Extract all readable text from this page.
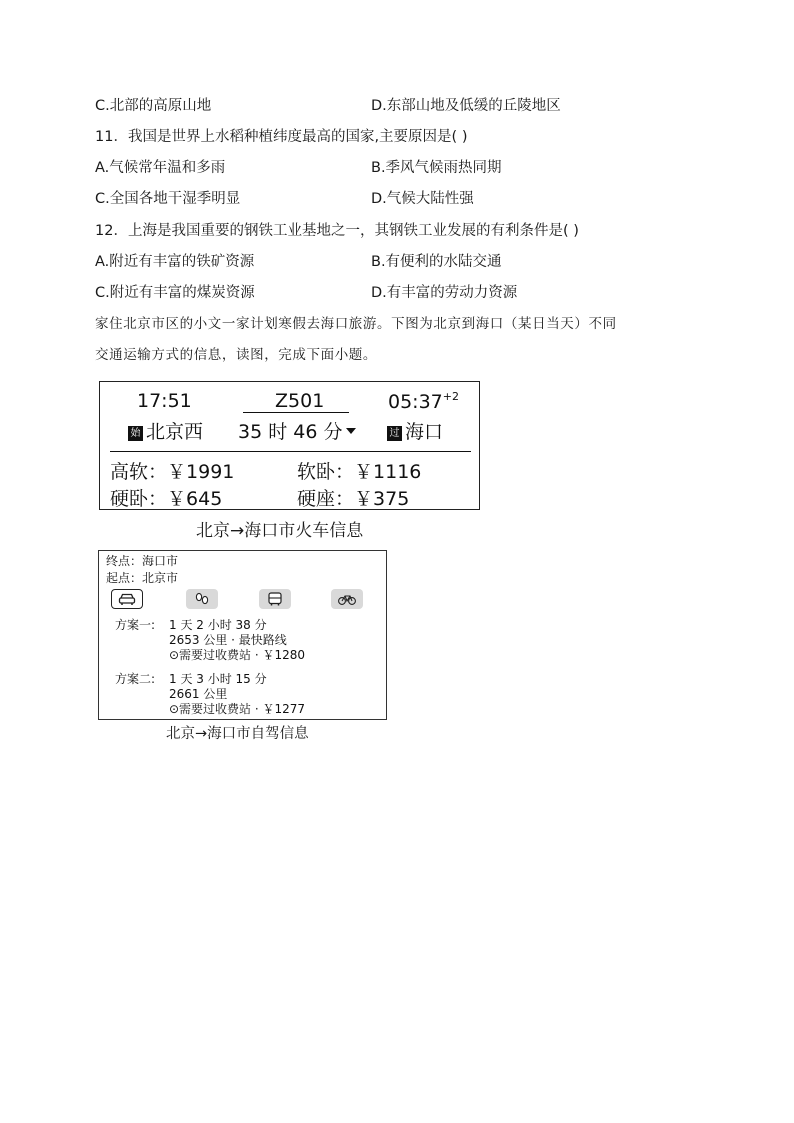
C.北部的高原山地	D.东部山地及低缓的丘陵地区
11．我国是世界上水稻种植纬度最高的国家,主要原因是( )
A.气候常年温和多雨	B.季风气候雨热同期
C.全国各地干湿季明显	D.气候大陆性强
12．上海是我国重要的钢铁工业基地之一，其钢铁工业发展的有利条件是( )
A.附近有丰富的铁矿资源	B.有便利的水陆交通
C.附近有丰富的煤炭资源	D.有丰富的劳动力资源
家住北京市区的小文一家计划寒假去海口旅游。下图为北京到海口（某日当天）不同
交通运输方式的信息，读图，完成下面小题。
17:51	Z501	$05:37^{+2}$
始 北京西 35 时 46 分	过 海口
高软：￥1991	软卧：￥1116
硬卧：￥645	硬座：￥375
北京→海口市火车信息
终点：海口市
起点：北京市
方案一: 1 天 2 小时 38 分
2653 公里 · 最快路线
⊙需要过收费站 · ￥1280
方案二: 1 天 3 小时 15 分
2661 公里
⊙需要过收费站 · ￥1277
北京→海口市自驾信息
